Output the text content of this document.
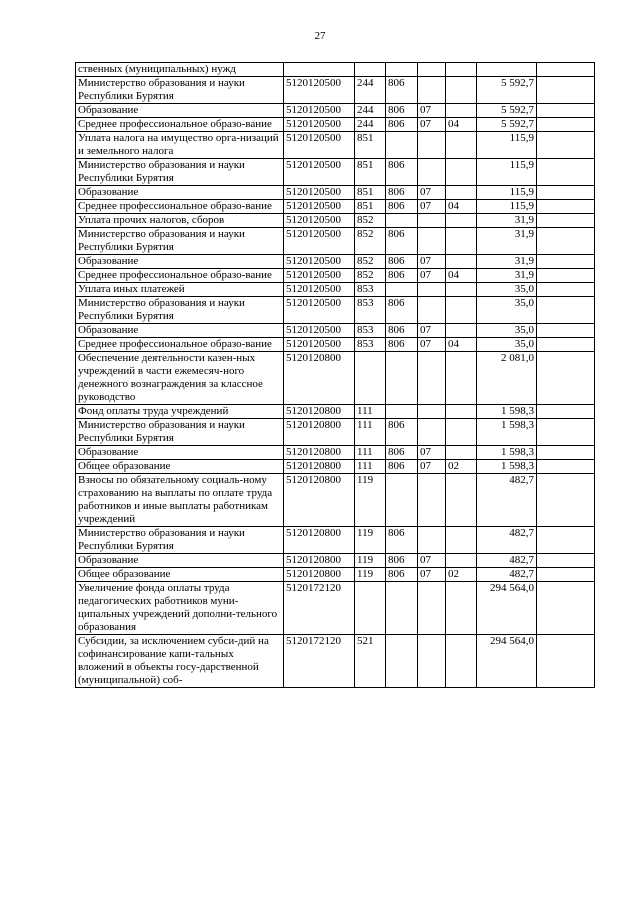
27
ственных (муниципальных) нужд							
Министерство образования и науки Республики Бурятия	5120120500	244	806			5 592,7	
Образование	5120120500	244	806	07		5 592,7	
Среднее профессиональное образо-вание	5120120500	244	806	07	04	5 592,7	
Уплата налога на имущество орга-низаций и земельного налога	5120120500	851				115,9	
Министерство образования и науки Республики Бурятия	5120120500	851	806			115,9	
Образование	5120120500	851	806	07		115,9	
Среднее профессиональное образо-вание	5120120500	851	806	07	04	115,9	
Уплата прочих налогов, сборов	5120120500	852				31,9	
Министерство образования и науки Республики Бурятия	5120120500	852	806			31,9	
Образование	5120120500	852	806	07		31,9	
Среднее профессиональное образо-вание	5120120500	852	806	07	04	31,9	
Уплата иных платежей	5120120500	853				35,0	
Министерство образования и науки Республики Бурятия	5120120500	853	806			35,0	
Образование	5120120500	853	806	07		35,0	
Среднее профессиональное образо-вание	5120120500	853	806	07	04	35,0	
Обеспечение деятельности казен-ных учреждений в части ежемесяч-ного денежного вознаграждения за классное руководство	5120120800					2 081,0	
Фонд оплаты труда учреждений	5120120800	111				1 598,3	
Министерство образования и науки Республики Бурятия	5120120800	111	806			1 598,3	
Образование	5120120800	111	806	07		1 598,3	
Общее образование	5120120800	111	806	07	02	1 598,3	
Взносы по обязательному социаль-ному страхованию на выплаты по оплате труда работников и иные выплаты работникам учреждений	5120120800	119				482,7	
Министерство образования и науки Республики Бурятия	5120120800	119	806			482,7	
Образование	5120120800	119	806	07		482,7	
Общее образование	5120120800	119	806	07	02	482,7	
Увеличение фонда оплаты труда педагогических работников муни-ципальных учреждений дополни-тельного образования	5120172120					294 564,0	
Субсидии, за исключением субси-дий на софинансирование капи-тальных вложений в объекты госу-дарственной (муниципальной) соб-	5120172120	521				294 564,0	
